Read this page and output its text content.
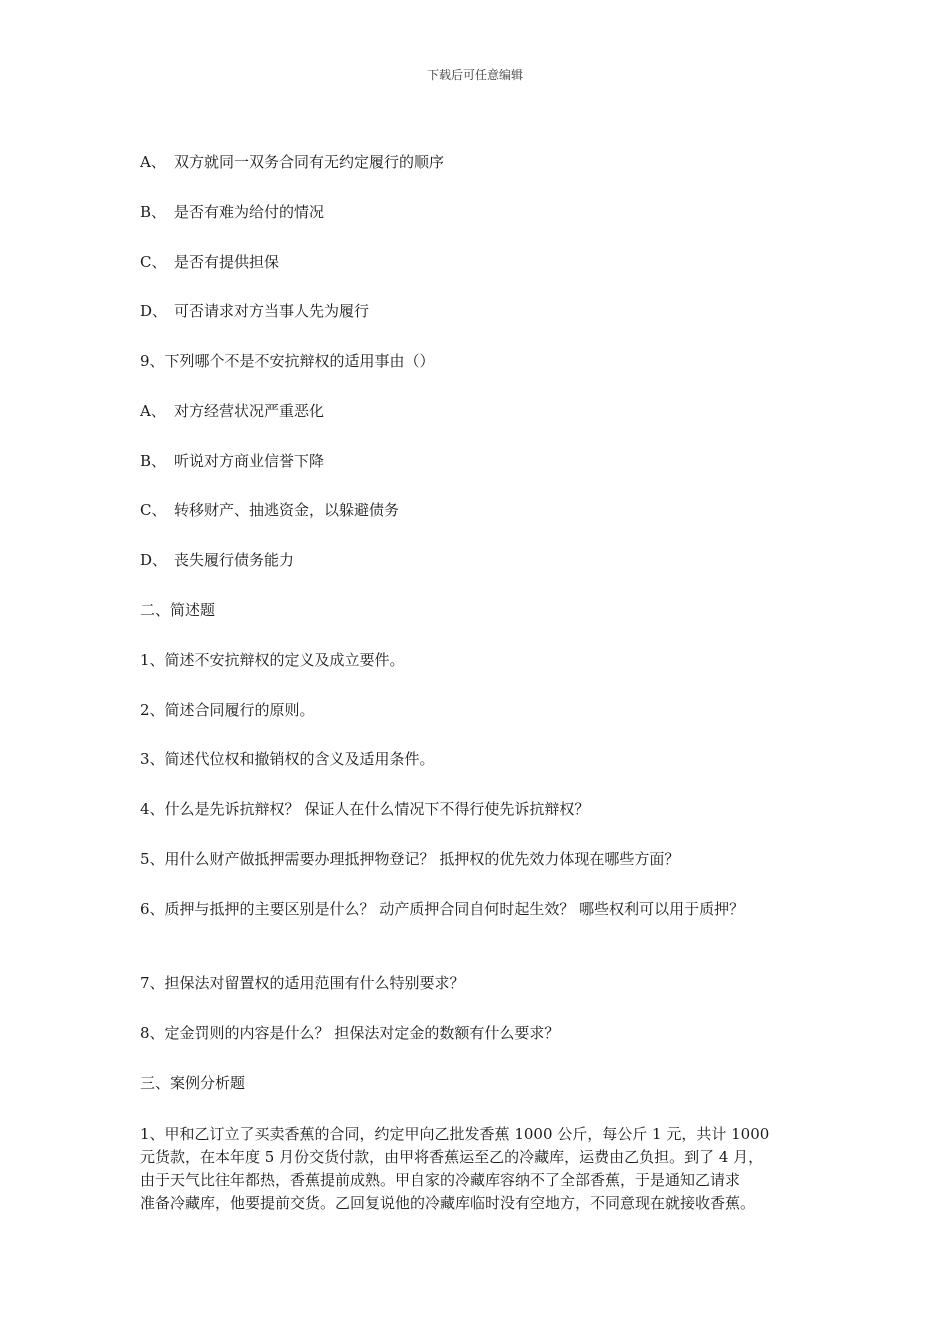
下载后可任意编辑
A、 双方就同一双务合同有无约定履行的顺序
B、 是否有难为给付的情况
C、 是否有提供担保
D、 可否请求对方当事人先为履行
9、下列哪个不是不安抗辩权的适用事由（）
A、 对方经营状况严重恶化
B、 听说对方商业信誉下降
C、 转移财产、抽逃资金，以躲避债务
D、 丧失履行债务能力
二、简述题
1、简述不安抗辩权的定义及成立要件。
2、简述合同履行的原则。
3、简述代位权和撤销权的含义及适用条件。
4、什么是先诉抗辩权？ 保证人在什么情况下不得行使先诉抗辩权？
5、用什么财产做抵押需要办理抵押物登记？ 抵押权的优先效力体现在哪些方面？
6、质押与抵押的主要区别是什么？ 动产质押合同自何时起生效？ 哪些权利可以用于质押？
7、担保法对留置权的适用范围有什么特别要求？
8、定金罚则的内容是什么？ 担保法对定金的数额有什么要求？
三、案例分析题
1、甲和乙订立了买卖香蕉的合同，约定甲向乙批发香蕉 1000 公斤，每公斤 1 元，共计 1000
元货款，在本年度 5 月份交货付款，由甲将香蕉运至乙的冷藏库，运费由乙负担。到了 4 月，
由于天气比往年都热，香蕉提前成熟。甲自家的冷藏库容纳不了全部香蕉，于是通知乙请求
准备冷藏库，他要提前交货。乙回复说他的冷藏库临时没有空地方，不同意现在就接收香蕉。
